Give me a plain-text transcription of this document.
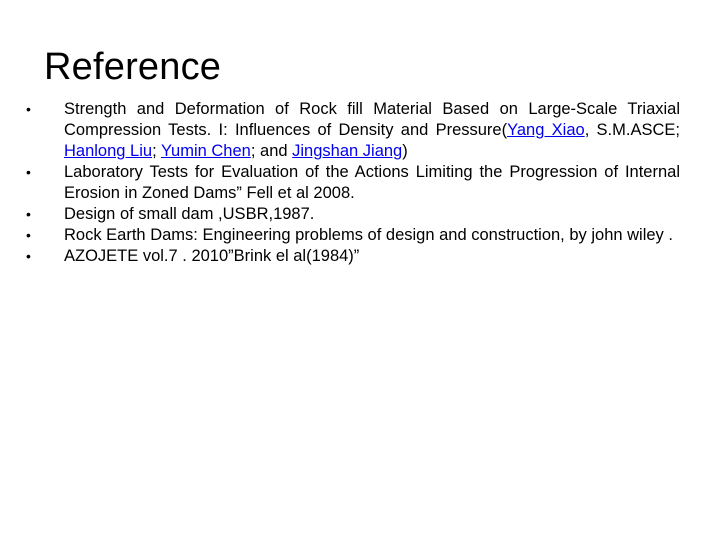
Reference
•	Strength and Deformation of Rock fill Material Based on Large-Scale Triaxial Compression Tests. I: Influences of Density and Pressure(Yang Xiao, S.M.ASCE; Hanlong Liu; Yumin Chen; and Jingshan Jiang)
•	Laboratory Tests for Evaluation of the Actions Limiting the Progression of Internal Erosion in Zoned Dams” Fell et al 2008.
•	Design of small dam ,USBR,1987.
•	Rock Earth Dams: Engineering problems of design and construction, by john wiley .
•	AZOJETE vol.7 . 2010”Brink el al(1984)”
